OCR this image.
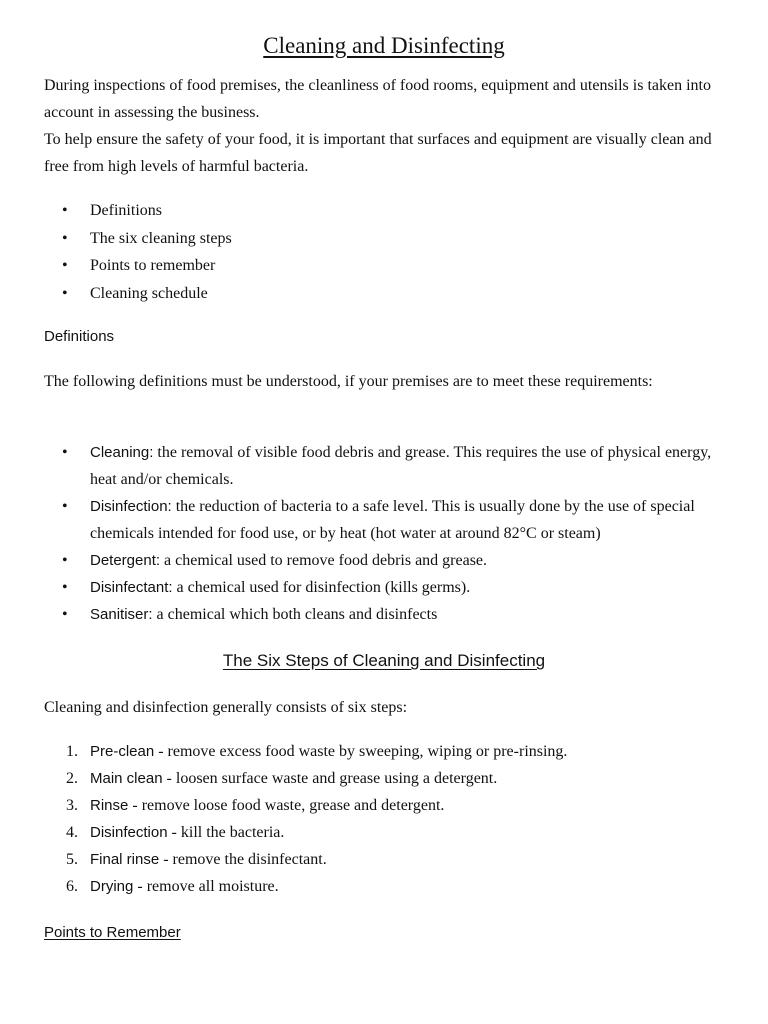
Cleaning and Disinfecting

During inspections of food premises, the cleanliness of food rooms, equipment and utensils is taken into account in assessing the business.
To help ensure the safety of your food, it is important that surfaces and equipment are visually clean and free from high levels of harmful bacteria.

• Definitions
• The six cleaning steps
• Points to remember
• Cleaning schedule
Definitions

The following definitions must be understood, if your premises are to meet these requirements:

• Cleaning: the removal of visible food debris and grease. This requires the use of physical energy, heat and/or chemicals.
• Disinfection: the reduction of bacteria to a safe level. This is usually done by the use of special chemicals intended for food use, or by heat (hot water at around 82°C or steam)
• Detergent: a chemical used to remove food debris and grease.
• Disinfectant: a chemical used for disinfection (kills germs).
• Sanitiser: a chemical which both cleans and disinfects
The Six Steps of Cleaning and Disinfecting

Cleaning and disinfection generally consists of six steps:

1. Pre-clean - remove excess food waste by sweeping, wiping or pre-rinsing.
2. Main clean - loosen surface waste and grease using a detergent.
3. Rinse - remove loose food waste, grease and detergent.
4. Disinfection - kill the bacteria.
5. Final rinse - remove the disinfectant.
6. Drying - remove all moisture.
Points to Remember
